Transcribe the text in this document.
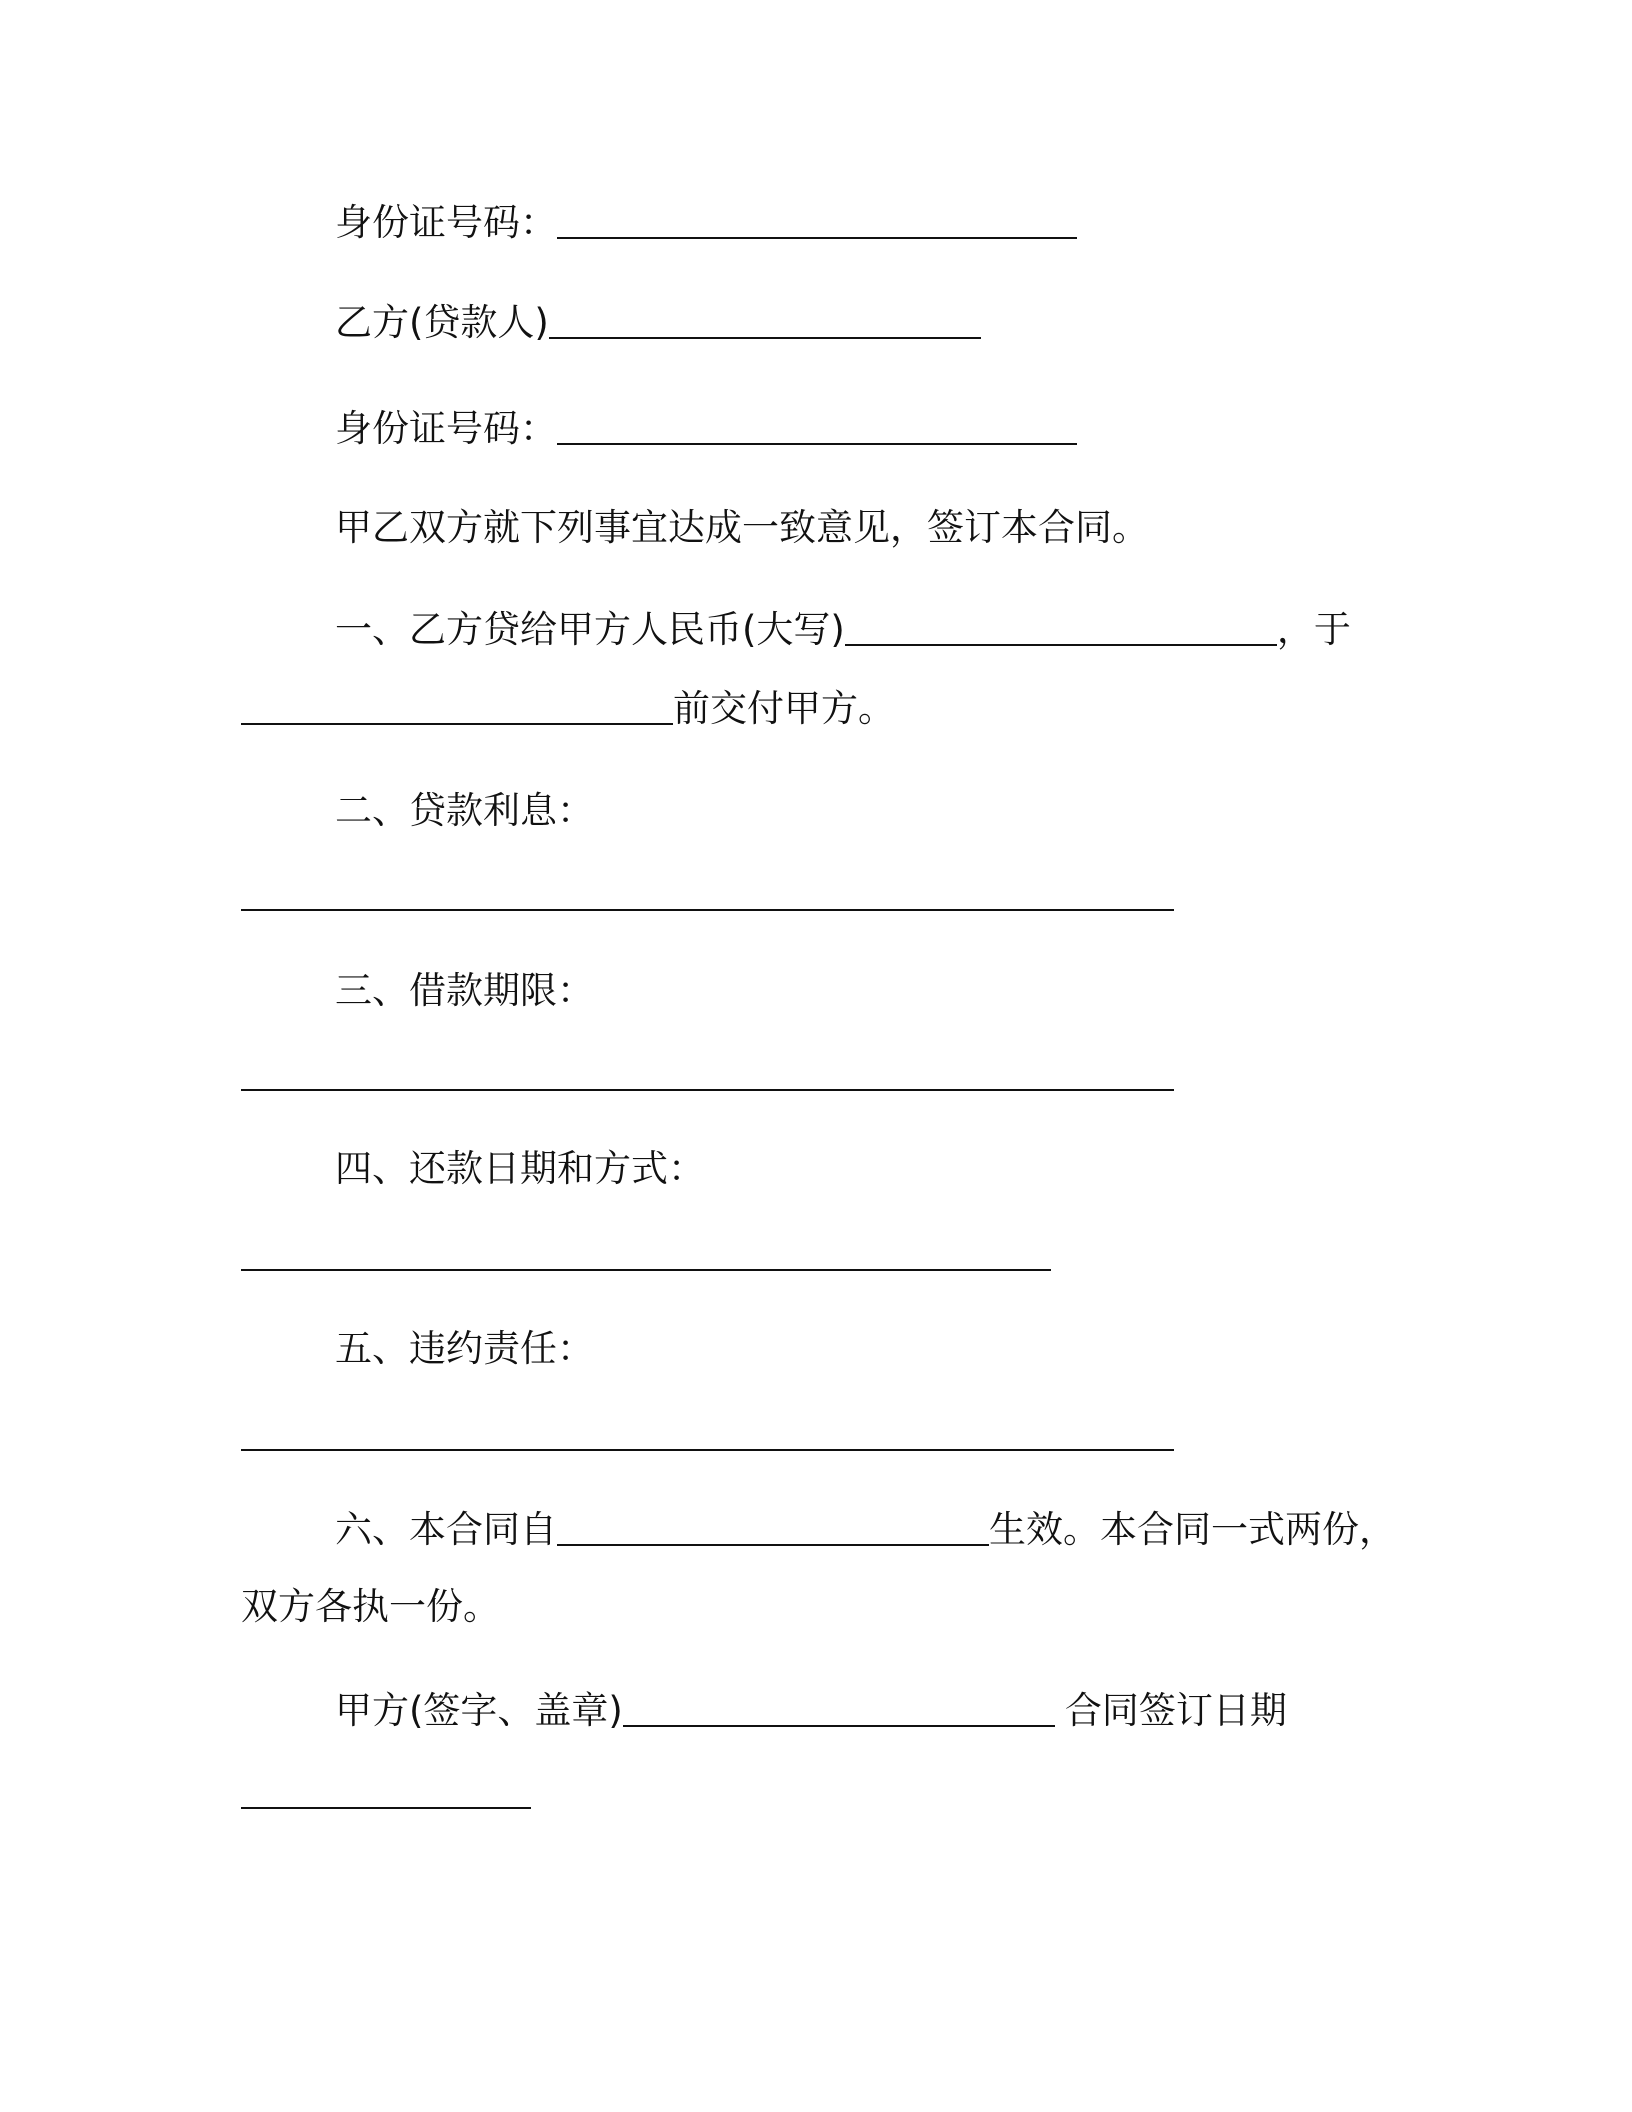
身份证号码：
乙方(贷款人)
身份证号码：
甲乙双方就下列事宜达成一致意见，签订本合同。
一、乙方贷给甲方人民币(大写)	，于
前交付甲方。
二、贷款利息：
三、借款期限：
四、还款日期和方式：
五、违约责任：
六、本合同自	生效。本合同一式两份，
双方各执一份。
甲方(签字、盖章)	合同签订日期
